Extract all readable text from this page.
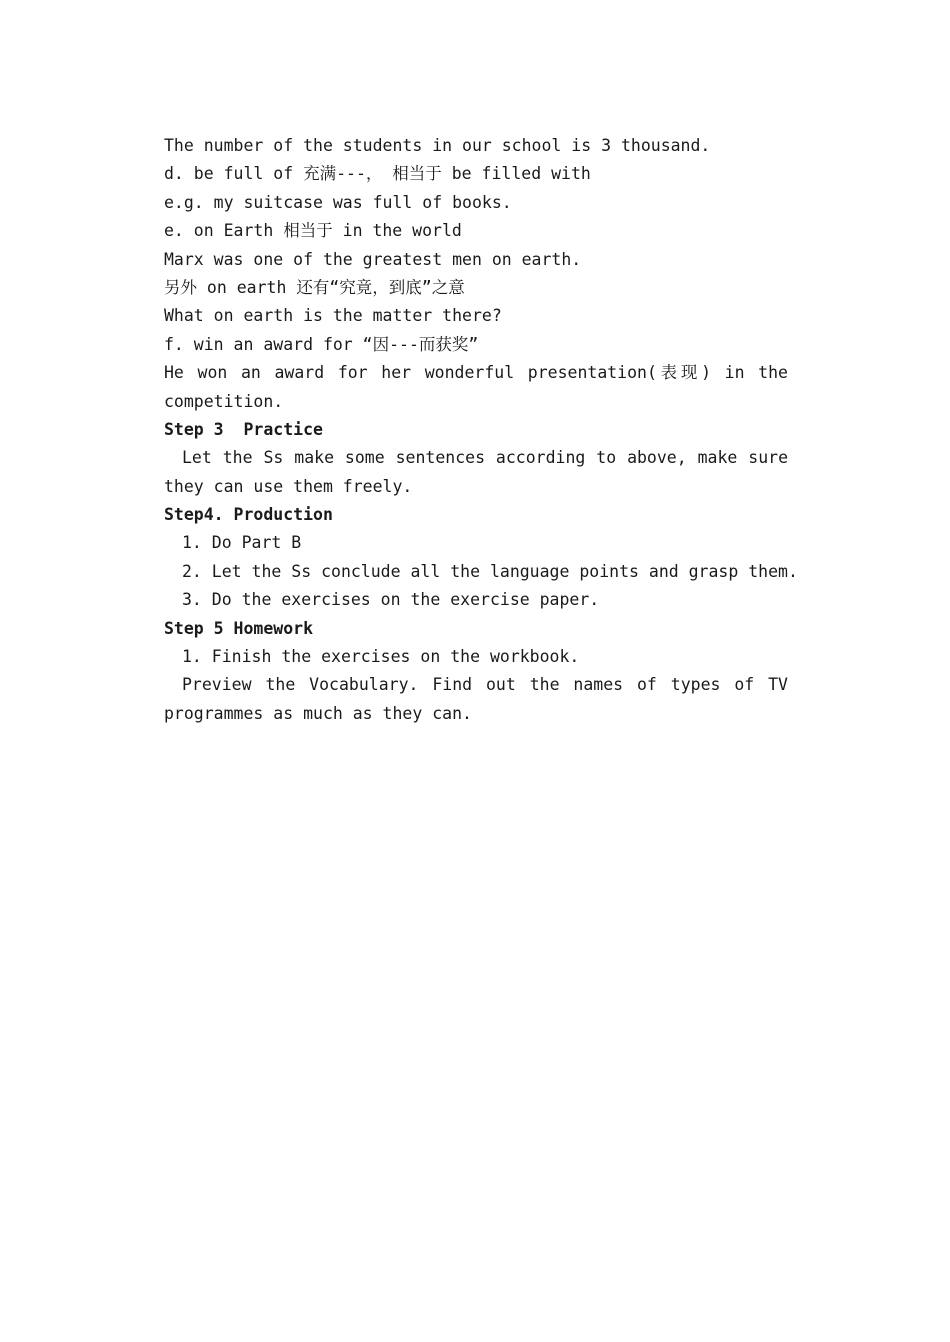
The number of the students in our school is 3 thousand.
d. be full of 充满---， 相当于 be filled with
e.g. my suitcase was full of books.
e. on Earth 相当于 in the world
Marx was one of the greatest men on earth.
另外 on earth 还有“究竟，到底”之意
What on earth is the matter there?
f. win an award for “因---而获奖”
He won an award for her wonderful presentation(表现) in the
competition.
Step 3  Practice
Let the Ss make some sentences according to above, make sure
they can use them freely.
Step4. Production
1. Do Part B
2. Let the Ss conclude all the language points and grasp them.
3. Do the exercises on the exercise paper.
Step 5 Homework
1. Finish the exercises on the workbook.
Preview the Vocabulary. Find out the names of types of TV
programmes as much as they can.
